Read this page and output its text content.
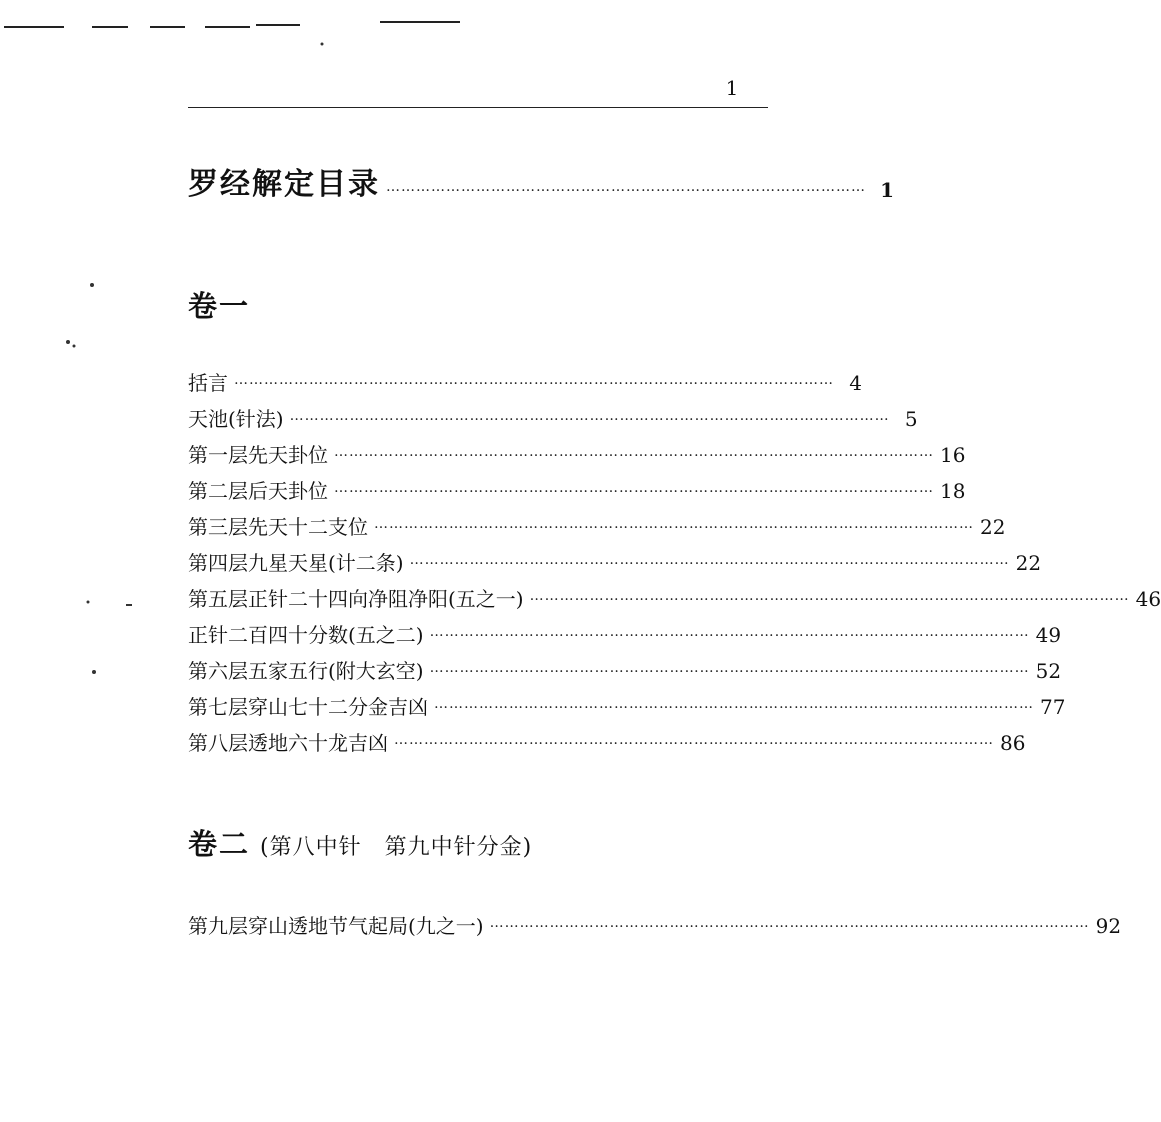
1
罗经解定目录 …………………………………………………………………………………… 1
卷一
括言 ………………………………………………………………………………………………………… 4
天池(针法) ………………………………………………………………………………………………………… 5
第一层先天卦位 ………………………………………………………………………………………………………… 16
第二层后天卦位 ………………………………………………………………………………………………………… 18
第三层先天十二支位 ………………………………………………………………………………………………………… 22
第四层九星天星(计二条) ………………………………………………………………………………………………………… 22
第五层正针二十四向净阻净阳(五之一) ………………………………………………………………………………………………………… 46
正针二百四十分数(五之二) ………………………………………………………………………………………………………… 49
第六层五家五行(附大玄空) ………………………………………………………………………………………………………… 52
第七层穿山七十二分金吉凶 ………………………………………………………………………………………………………… 77
第八层透地六十龙吉凶 ………………………………………………………………………………………………………… 86
卷二 (第八中针　第九中针分金)
第九层穿山透地节气起局(九之一) ………………………………………………………………………………………………………… 92
